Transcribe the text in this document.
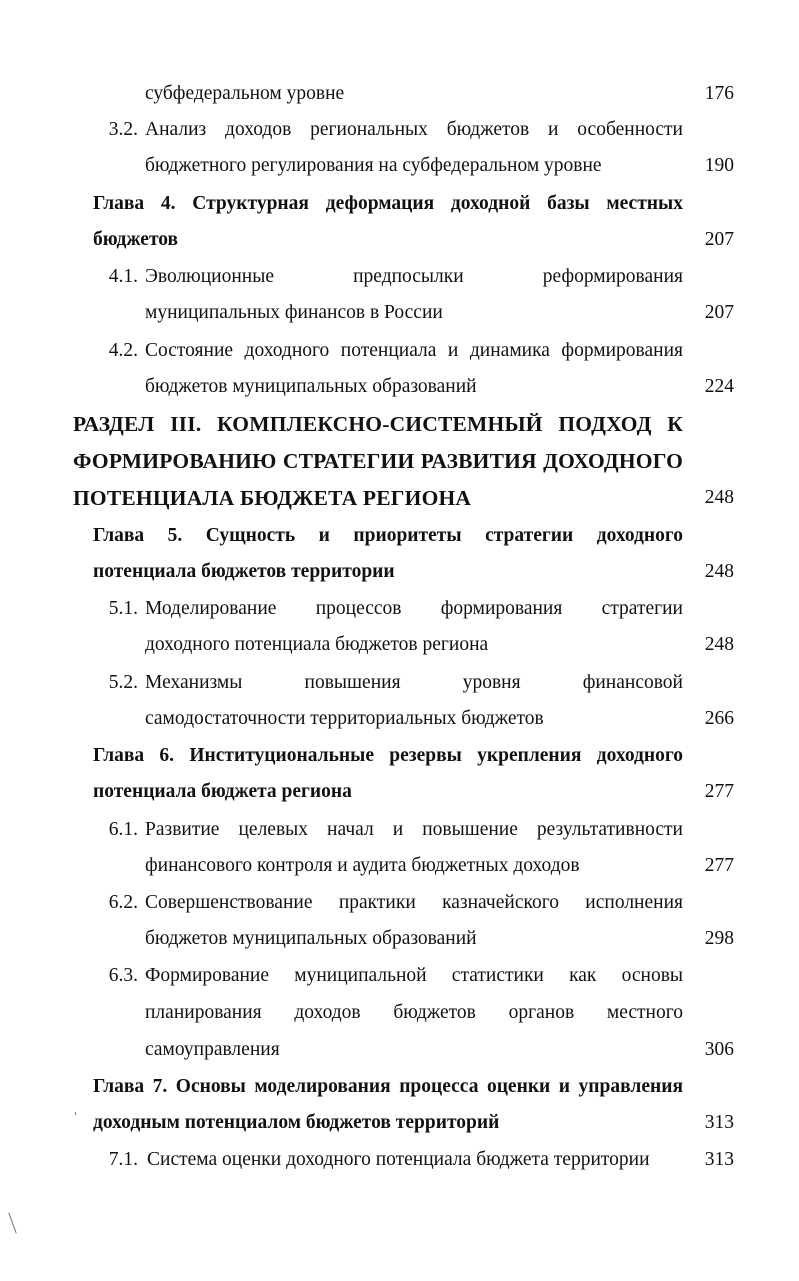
субфедеральном уровне	176
3.2. Анализ доходов региональных бюджетов и особенности
бюджетного регулирования на субфедеральном уровне	190
Глава 4. Структурная деформация доходной базы местных
бюджетов	207
4.1. Эволюционные предпосылки реформирования
муниципальных финансов в России	207
4.2. Состояние доходного потенциала и динамика формирования
бюджетов муниципальных образований	224
РАЗДЕЛ III. КОМПЛЕКСНО-СИСТЕМНЫЙ ПОДХОД К
ФОРМИРОВАНИЮ СТРАТЕГИИ РАЗВИТИЯ ДОХОДНОГО
ПОТЕНЦИАЛА БЮДЖЕТА РЕГИОНА	248
Глава 5. Сущность и приоритеты стратегии доходного
потенциала бюджетов территории	248
5.1. Моделирование процессов формирования стратегии
доходного потенциала бюджетов региона	248
5.2. Механизмы повышения уровня финансовой
самодостаточности территориальных бюджетов	266
Глава 6. Институциональные резервы укрепления доходного
потенциала бюджета региона	277
6.1. Развитие целевых начал и повышение результативности
финансового контроля и аудита бюджетных доходов	277
6.2. Совершенствование практики казначейского исполнения
бюджетов муниципальных образований	298
6.3. Формирование муниципальной статистики как основы
планирования доходов бюджетов органов местного
самоуправления	306
Глава 7. Основы моделирования процесса оценки и управления
доходным потенциалом бюджетов территорий	313
7.1. Система оценки доходного потенциала бюджета территории	313
